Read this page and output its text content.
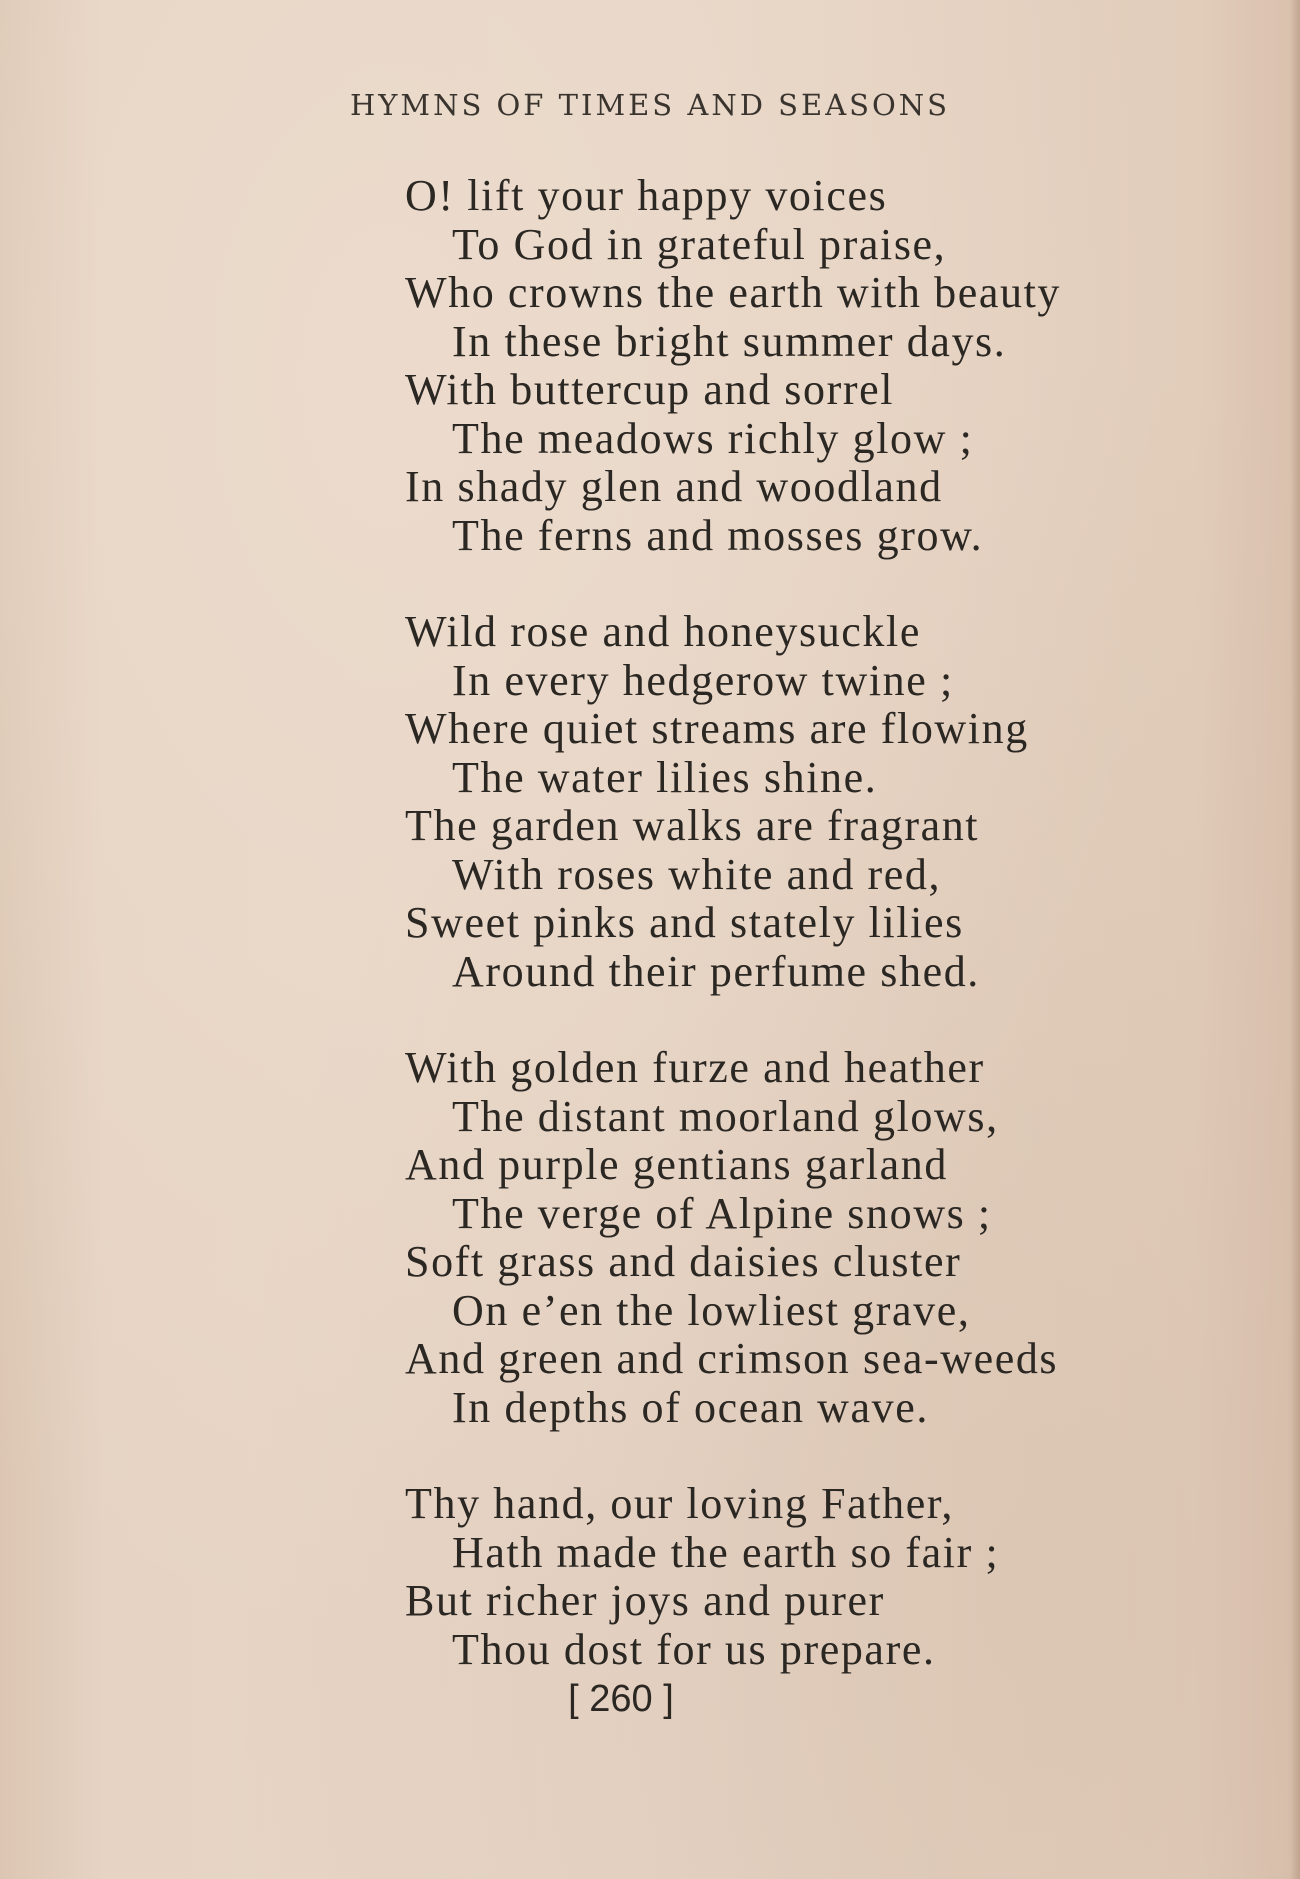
HYMNS OF TIMES AND SEASONS
O! lift your happy voices
To God in grateful praise,
Who crowns the earth with beauty
In these bright summer days.
With buttercup and sorrel
The meadows richly glow ;
In shady glen and woodland
The ferns and mosses grow.
Wild rose and honeysuckle
In every hedgerow twine ;
Where quiet streams are flowing
The water lilies shine.
The garden walks are fragrant
With roses white and red,
Sweet pinks and stately lilies
Around their perfume shed.
With golden furze and heather
The distant moorland glows,
And purple gentians garland
The verge of Alpine snows ;
Soft grass and daisies cluster
On e’en the lowliest grave,
And green and crimson sea-weeds
In depths of ocean wave.
Thy hand, our loving Father,
Hath made the earth so fair ;
But richer joys and purer
Thou dost for us prepare.
[ 260 ]
